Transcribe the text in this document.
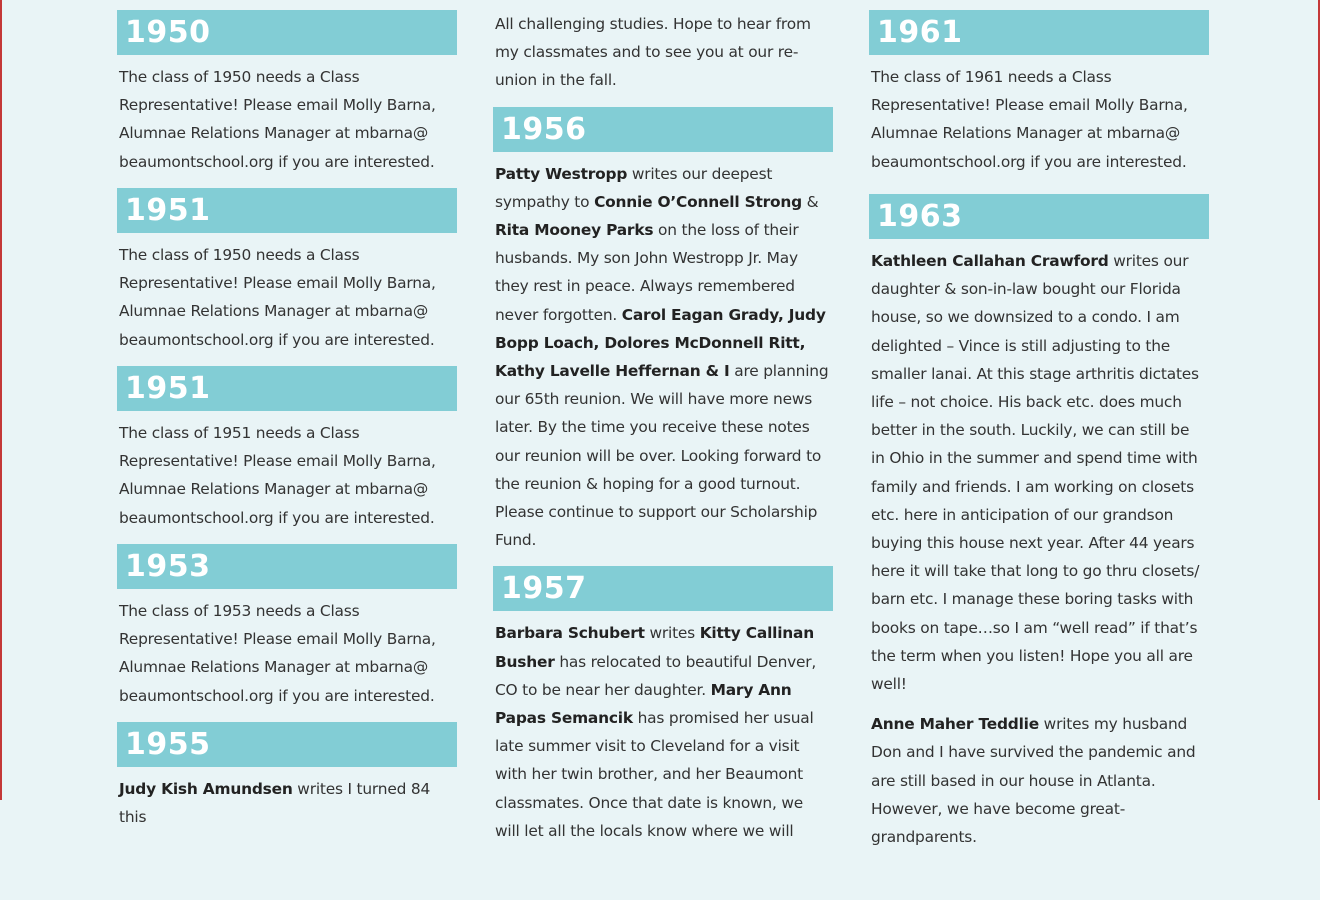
1950
The class of 1950 needs a Class Representative! Please email Molly Barna, Alumnae Relations Manager at mbarna@ beaumontschool.org if you are interested.
1951
The class of 1950 needs a Class Representative! Please email Molly Barna, Alumnae Relations Manager at mbarna@ beaumontschool.org if you are interested.
1951
The class of 1951 needs a Class Representative! Please email Molly Barna, Alumnae Relations Manager at mbarna@ beaumontschool.org if you are interested.
1953
The class of 1953 needs a Class Representative! Please email Molly Barna, Alumnae Relations Manager at mbarna@ beaumontschool.org if you are interested.
1955
Judy Kish Amundsen writes I turned 84 this
All challenging studies. Hope to hear from my classmates and to see you at our re-union in the fall.
1956
Patty Westropp writes our deepest sympathy to Connie O’Connell Strong & Rita Mooney Parks on the loss of their husbands. My son John Westropp Jr. May they rest in peace. Always remembered never forgotten. Carol Eagan Grady, Judy Bopp Loach, Dolores McDonnell Ritt, Kathy Lavelle Heffernan & I are planning our 65th reunion. We will have more news later. By the time you receive these notes our reunion will be over. Looking forward to the reunion & hoping for a good turnout. Please continue to support our Scholarship Fund.
1957
Barbara Schubert writes Kitty Callinan Busher has relocated to beautiful Denver, CO to be near her daughter. Mary Ann Papas Semancik has promised her usual late summer visit to Cleveland for a visit with her twin brother, and her Beaumont classmates. Once that date is known, we will let all the locals know where we will
1961
The class of 1961 needs a Class Representative! Please email Molly Barna, Alumnae Relations Manager at mbarna@ beaumontschool.org if you are interested.
1963
Kathleen Callahan Crawford writes our daughter & son-in-law bought our Florida house, so we downsized to a condo. I am delighted – Vince is still adjusting to the smaller lanai. At this stage arthritis dictates life – not choice. His back etc. does much better in the south. Luckily, we can still be in Ohio in the summer and spend time with family and friends. I am working on closets etc. here in anticipation of our grandson buying this house next year. After 44 years here it will take that long to go thru closets/ barn etc. I manage these boring tasks with books on tape…so I am “well read” if that’s the term when you listen! Hope you all are well!
Anne Maher Teddlie writes my husband Don and I have survived the pandemic and are still based in our house in Atlanta. However, we have become great-grandparents.
